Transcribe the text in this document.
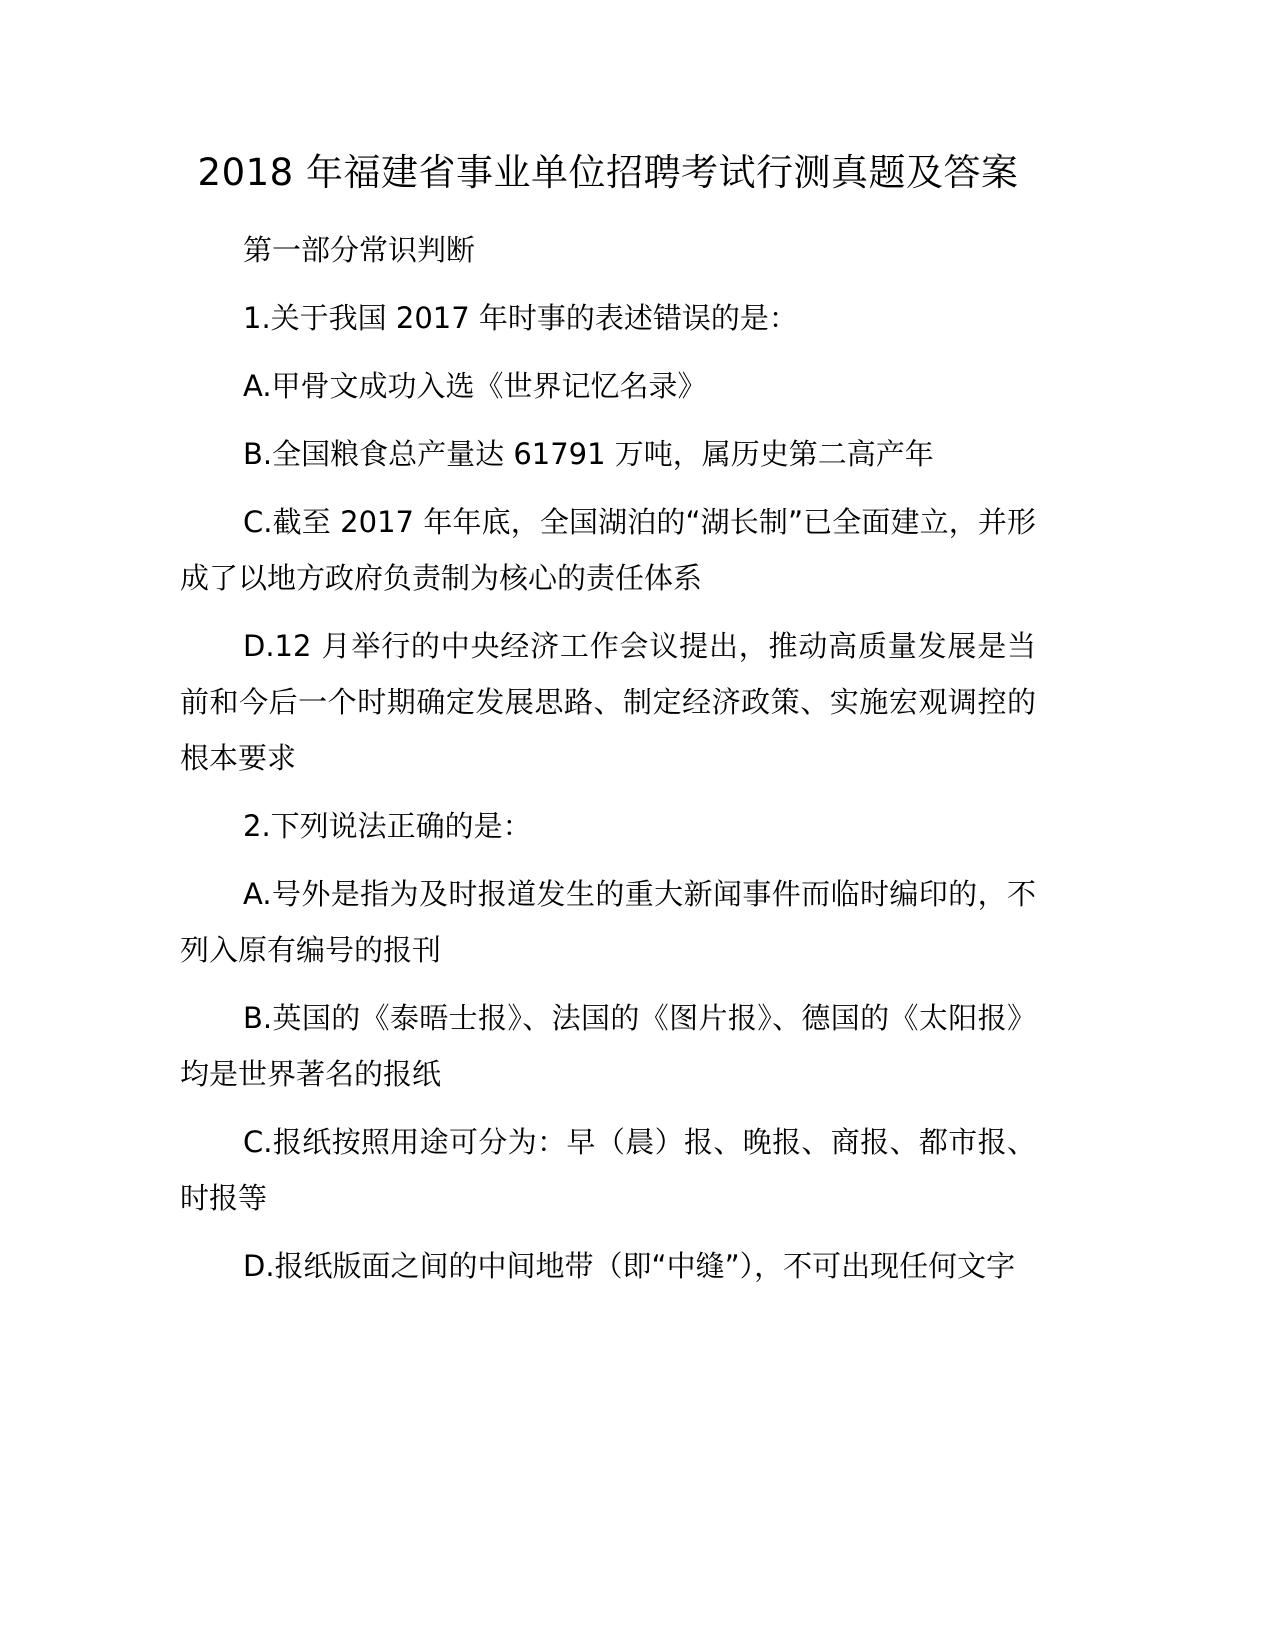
2018 年福建省事业单位招聘考试行测真题及答案

第一部分常识判断

1.关于我国 2017 年时事的表述错误的是：

A.甲骨文成功入选《世界记忆名录》

B.全国粮食总产量达 61791 万吨，属历史第二高产年

C.截至 2017 年年底，全国湖泊的“湖长制”已全面建立，并形成了以地方政府负责制为核心的责任体系

D.12 月举行的中央经济工作会议提出，推动高质量发展是当前和今后一个时期确定发展思路、制定经济政策、实施宏观调控的根本要求

2.下列说法正确的是：

A.号外是指为及时报道发生的重大新闻事件而临时编印的，不列入原有编号的报刊

B.英国的《泰晤士报》、法国的《图片报》、德国的《太阳报》均是世界著名的报纸

C.报纸按照用途可分为：早（晨）报、晚报、商报、都市报、时报等

D.报纸版面之间的中间地带（即“中缝”），不可出现任何文字
